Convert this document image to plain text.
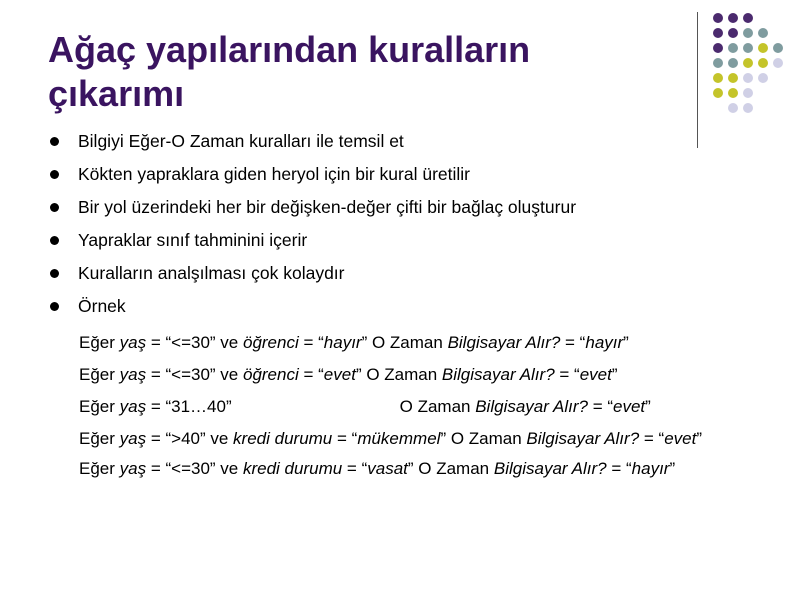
Ağaç yapılarından kuralların çıkarımı
Bilgiyi Eğer-O Zaman kuralları ile temsil et
Kökten yapraklara giden heryol için bir kural üretilir
Bir yol üzerindeki her bir değişken-değer çifti bir bağlaç oluşturur
Yapraklar sınıf tahminini içerir
Kuralların analşılması çok kolaydır
Örnek
Eğer yaş = “<=30” ve öğrenci = “hayır” O Zaman Bilgisayar Alır? = “hayır”
Eğer yaş = “<=30” ve öğrenci = “evet” O Zaman Bilgisayar Alır? = “evet”
Eğer yaş = “31…40”	O Zaman Bilgisayar Alır? = “evet”
Eğer yaş = “>40” ve kredi durumu = “mükemmel” O Zaman Bilgisayar Alır? = “evet”
Eğer yaş = “<=30” ve kredi durumu = “vasat” O Zaman Bilgisayar Alır? = “hayır”
